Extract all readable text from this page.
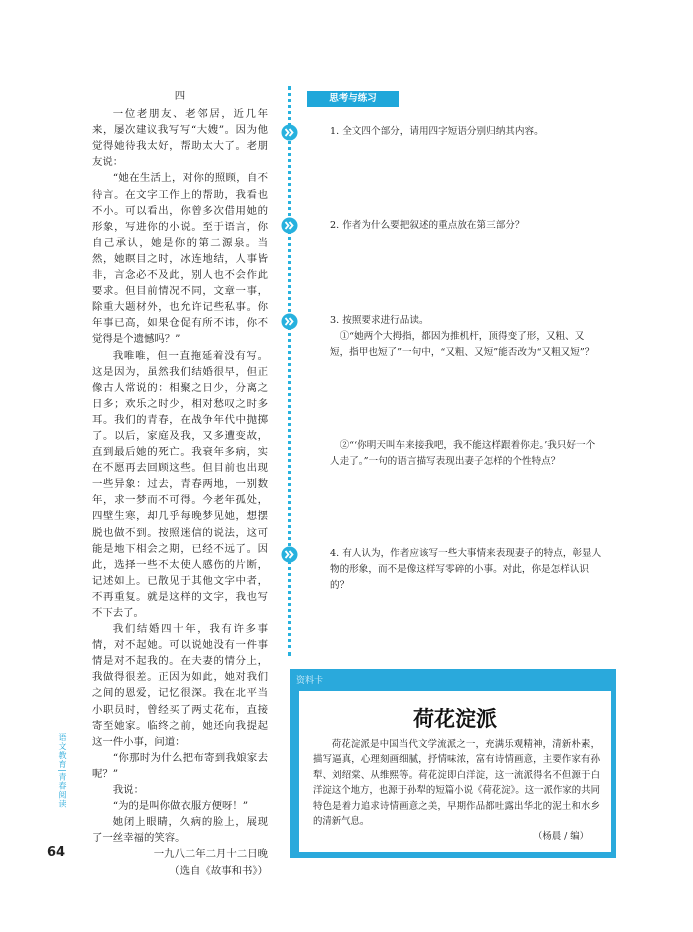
四

一位老朋友、老邻居，近几年来，屡次建议我写写“大嫂”。因为他觉得她待我太好，帮助太大了。老朋友说：

“她在生活上，对你的照顾，自不待言。在文字工作上的帮助，我看也不小。可以看出，你曾多次借用她的形象，写进你的小说。至于语言，你自己承认，她是你的第二源泉。当然，她瞑目之时，冰连地结，人事皆非，言念必不及此，别人也不会作此要求。但目前情况不同，文章一事，除重大题材外，也允许记些私事。你年事已高，如果仓促有所不讳，你不觉得是个遗憾吗？”

我唯唯，但一直拖延着没有写。这是因为，虽然我们结婚很早，但正像古人常说的：相聚之日少，分离之日多；欢乐之时少，相对愁叹之时多耳。我们的青春，在战争年代中抛掷了。以后，家庭及我，又多遭变故，直到最后她的死亡。我衰年多病，实在不愿再去回顾这些。但目前也出现一些异象：过去，青春两地，一别数年，求一梦而不可得。今老年孤处，四壁生寒，却几乎每晚梦见她，想摆脱也做不到。按照迷信的说法，这可能是地下相会之期，已经不远了。因此，选择一些不太使人感伤的片断，记述如上。已散见于其他文字中者，不再重复。就是这样的文字，我也写不下去了。

我们结婚四十年，我有许多事情，对不起她。可以说她没有一件事情是对不起我的。在夫妻的情分上，我做得很差。正因为如此，她对我们之间的恩爱，记忆很深。我在北平当小职员时，曾经买了两丈花布，直接寄至她家。临终之前，她还向我提起这一件小事，问道：

“你那时为什么把布寄到我娘家去呢？”

我说：

“为的是叫你做衣服方便呀！”

她闭上眼睛，久病的脸上，展现了一丝幸福的笑容。

一九八二年二月十二日晚

（选自《故事和书》）

思考与练习

1. 全文四个部分，请用四字短语分别归纳其内容。

2. 作者为什么要把叙述的重点放在第三部分？

3. 按照要求进行品读。

①“她两个大拇指，都因为推机杆，顶得变了形，又粗、又短，指甲也短了”一句中，“又粗、又短”能否改为“又粗又短”？

②“‘你明天叫车来接我吧，我不能这样跟着你走。’我只好一个人走了。”一句的语言描写表现出妻子怎样的个性特点？

4. 有人认为，作者应该写一些大事情来表现妻子的特点，彰显人物的形象，而不是像这样写零碎的小事。对此，你是怎样认识的？

资料卡
荷花淀派
荷花淀派是中国当代文学流派之一，充满乐观精神，清新朴素，描写逼真，心理刻画细腻，抒情味浓，富有诗情画意，主要作家有孙犁、刘绍棠、从维熙等。荷花淀即白洋淀，这一流派得名不但源于白洋淀这个地方，也源于孙犁的短篇小说《荷花淀》。这一派作家的共同特色是着力追求诗情画意之美，早期作品都吐露出华北的泥土和水乡的清新气息。
（杨晨 / 编）
语文教育|青春阅读
64
